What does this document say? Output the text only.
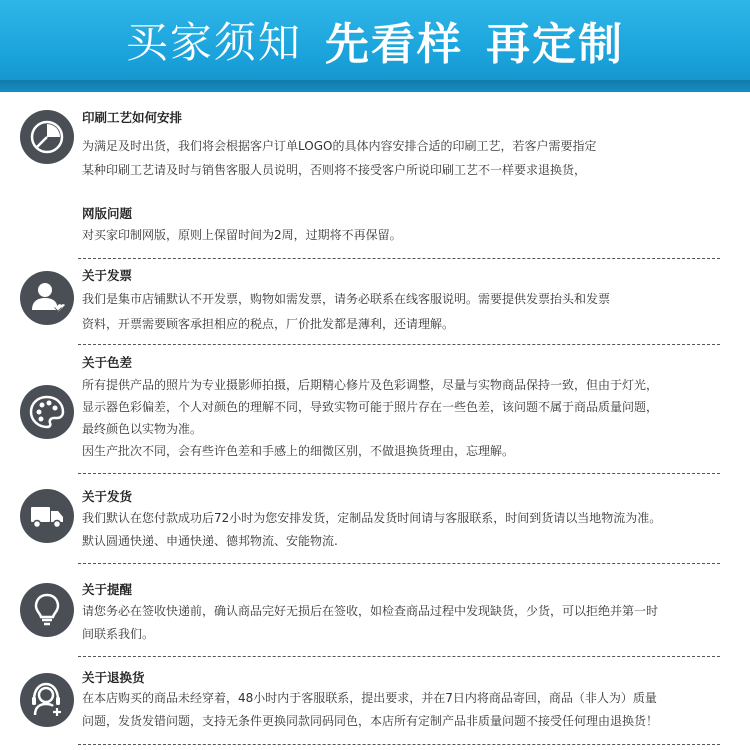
买家须知 先看样 再定制
印刷工艺如何安排
为满足及时出货，我们将会根据客户订单LOGO的具体内容安排合适的印刷工艺，若客户需要指定
某种印刷工艺请及时与销售客服人员说明，否则将不接受客户所说印刷工艺不一样要求退换货，
网版问题
对买家印制网版，原则上保留时间为2周，过期将不再保留。
关于发票
我们是集市店铺默认不开发票，购物如需发票，请务必联系在线客服说明。需要提供发票抬头和发票
资料，开票需要顾客承担相应的税点，厂价批发都是薄利，还请理解。
关于色差
所有提供产品的照片为专业摄影师拍摄，后期精心修片及色彩调整，尽量与实物商品保持一致，但由于灯光，
显示器色彩偏差，个人对颜色的理解不同，导致实物可能于照片存在一些色差，该问题不属于商品质量问题，
最终颜色以实物为准。
因生产批次不同，会有些许色差和手感上的细微区别，不做退换货理由，忘理解。
关于发货
我们默认在您付款成功后72小时为您安排发货，定制品发货时间请与客服联系，时间到货请以当地物流为准。
默认圆通快递、申通快递、德邦物流、安能物流.
关于提醒
请您务必在签收快递前，确认商品完好无损后在签收，如检查商品过程中发现缺货，少货，可以拒绝并第一时
间联系我们。
关于退换货
在本店购买的商品未经穿着，48小时内于客服联系，提出要求，并在7日内将商品寄回，商品（非人为）质量
问题，发货发错问题，支持无条件更换同款同码同色，本店所有定制产品非质量问题不接受任何理由退换货！
